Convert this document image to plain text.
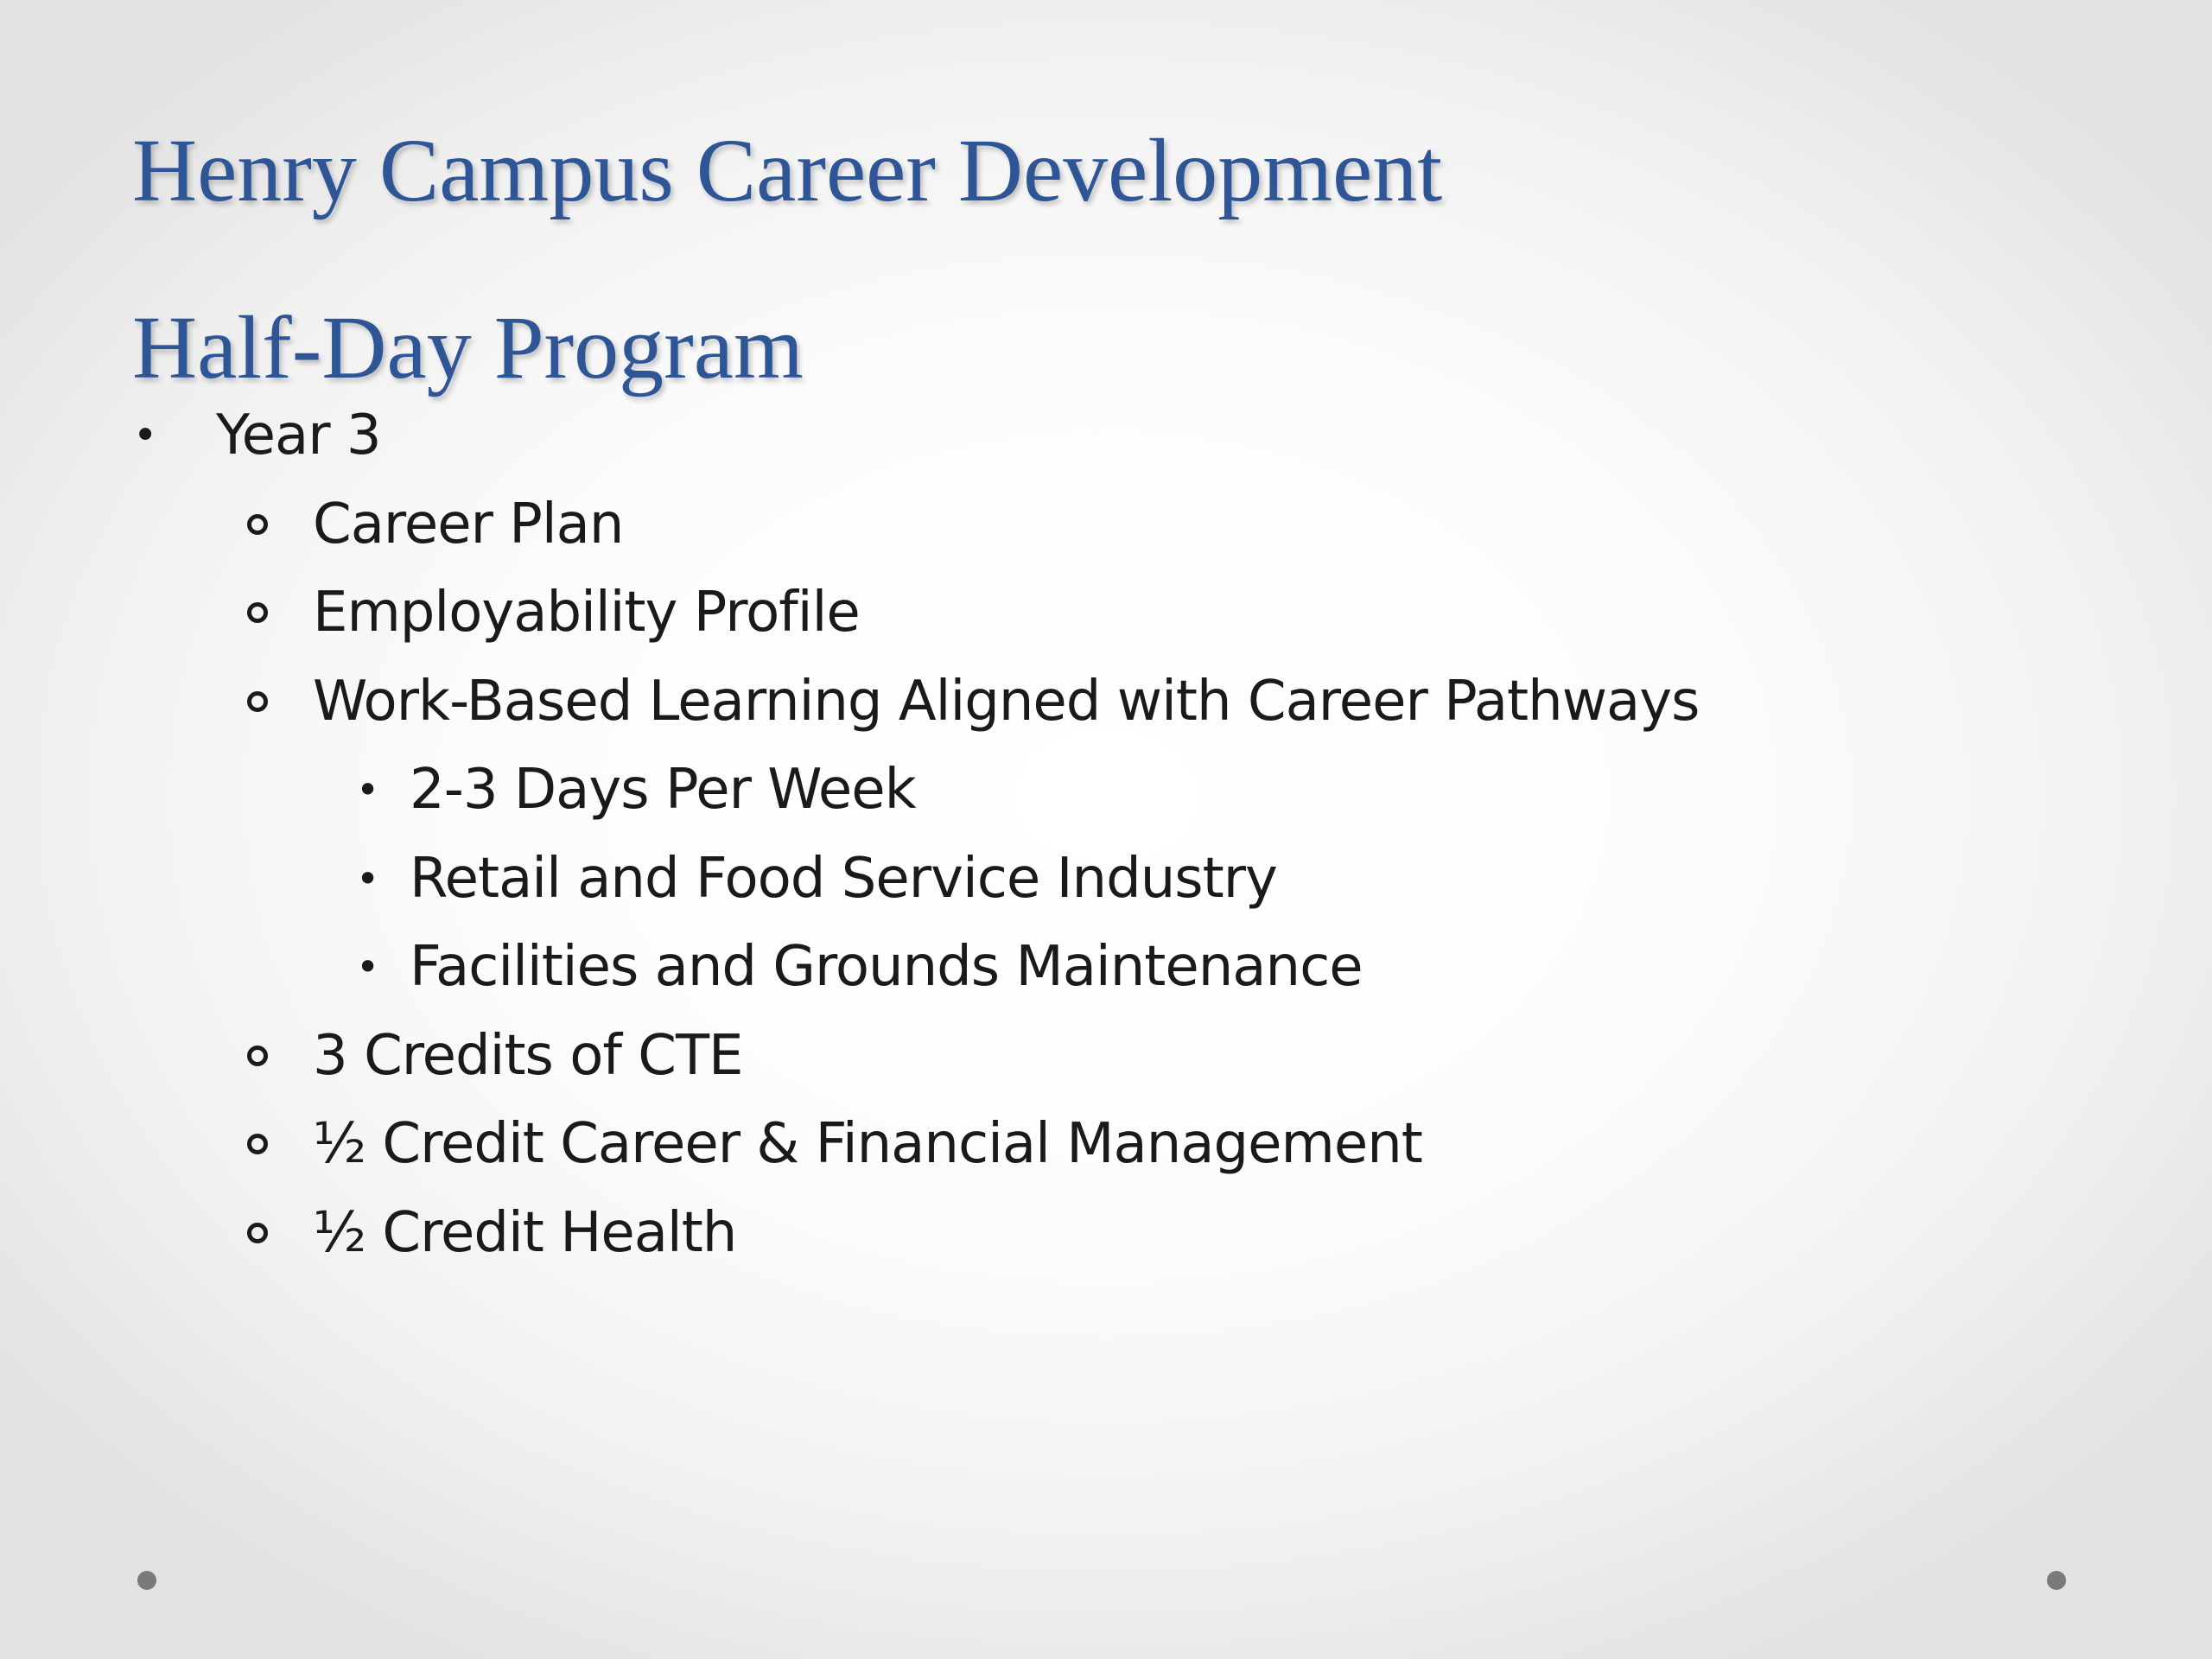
Henry Campus Career Development
Half-Day Program
• Year 3
Career Plan
Employability Profile
Work-Based Learning Aligned with Career Pathways
• 2-3 Days Per Week
• Retail and Food Service Industry
• Facilities and Grounds Maintenance
3 Credits of CTE
½ Credit Career & Financial Management
½ Credit Health
